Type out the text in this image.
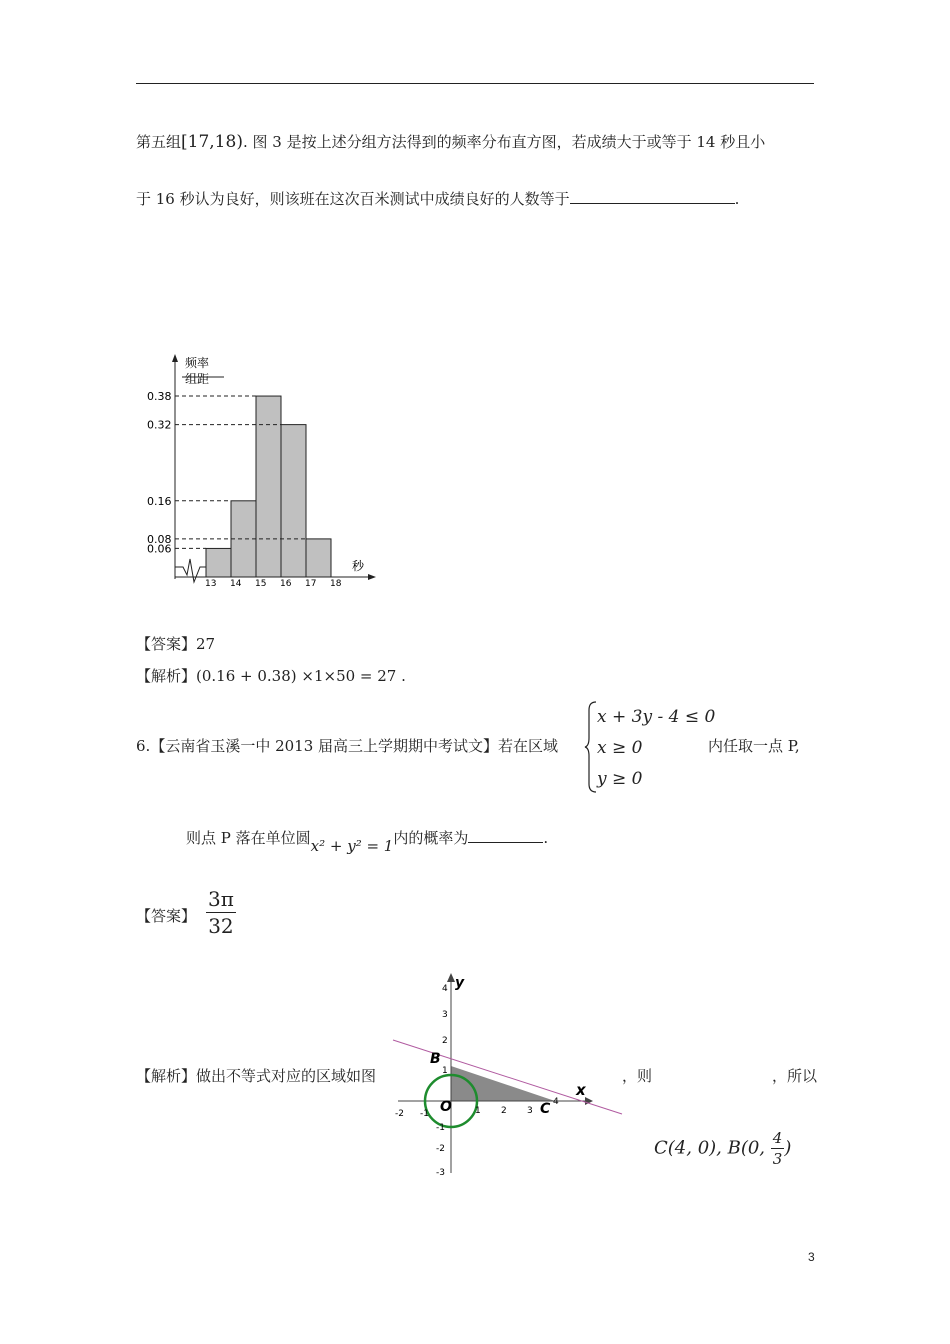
第五组[17,18). 图 3 是按上述分组方法得到的频率分布直方图，若成绩大于或等于 14 秒且小
于 16 秒认为良好，则该班在这次百米测试中成绩良好的人数等于	.
频率
组距
0.38
0.32
0.16
0.08
0.06
13 14 15 16 17 18
秒
【答案】27
【解析】(0.16 + 0.38) ×1×50 = 27 .
6.【云南省玉溪一中 2013 届高三上学期期中考试文】若在区域
x + 3y - 4 ≤ 0
x ≥ 0
y ≥ 0
内任取一点 P,
则点 P 落在单位圆x² + y² = 1内的概率为	.
【答案】 $\frac{3\pi}{32}$
【解析】做出不等式对应的区域如图	，则	，所以
C(4, 0), B(0, $\frac{4}{3}$ )
-2 -1	1 2 3
4
4
3
2
1
-1
-2
-3
x
y
O
B
C
3
